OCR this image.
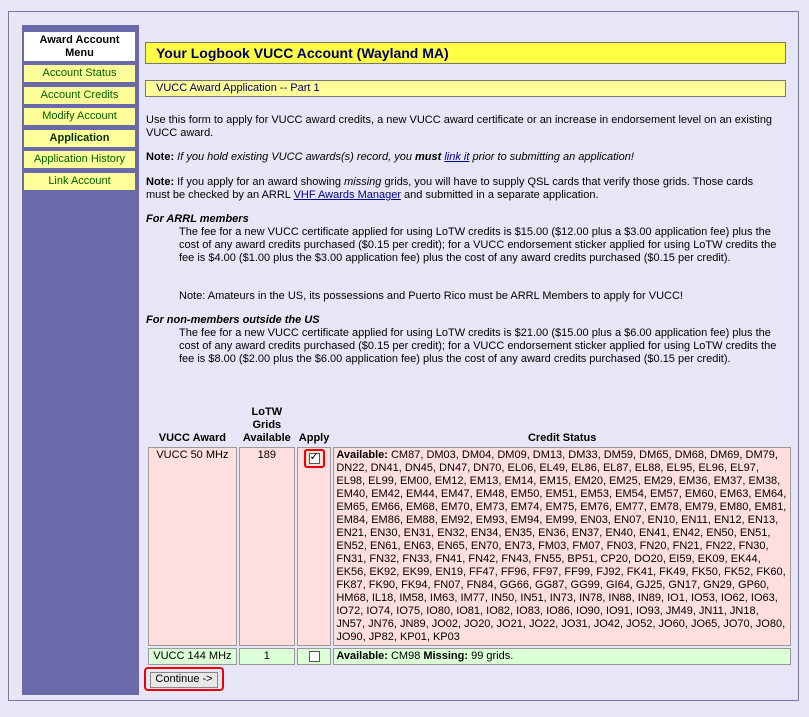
Award Account Menu
Account Status
Account Credits
Modify Account
Application
Application History
Link Account
Your Logbook VUCC Account (Wayland MA)
VUCC Award Application -- Part 1
Use this form to apply for VUCC award credits, a new VUCC award certificate or an increase in endorsement level on an existing VUCC award.
Note: If you hold existing VUCC awards(s) record, you must link it prior to submitting an application!
Note: If you apply for an award showing missing grids, you will have to supply QSL cards that verify those grids. Those cards must be checked by an ARRL VHF Awards Manager and submitted in a separate application.
For ARRL members
The fee for a new VUCC certificate applied for using LoTW credits is $15.00 ($12.00 plus a $3.00 application fee) plus the cost of any award credits purchased ($0.15 per credit); for a VUCC endorsement sticker applied for using LoTW credits the fee is $4.00 ($1.00 plus the $3.00 application fee) plus the cost of any award credits purchased ($0.15 per credit).
Note: Amateurs in the US, its possessions and Puerto Rico must be ARRL Members to apply for VUCC!
For non-members outside the US
The fee for a new VUCC certificate applied for using LoTW credits is $21.00 ($15.00 plus a $6.00 application fee) plus the cost of any award credits purchased ($0.15 per credit); for a VUCC endorsement sticker applied for using LoTW credits the fee is $8.00 ($2.00 plus the $6.00 application fee) plus the cost of any award credits purchased ($0.15 per credit).
VUCC Award	LoTW Grids Available	Apply	Credit Status
VUCC 50 MHz	189	✓	Available: CM87, DM03, DM04, DM09, DM13, DM33, DM59, DM65, DM68, DM69, DM79, DN22, DN41, DN45, DN47, DN70, EL06, EL49, EL86, EL87, EL88, EL95, EL96, EL97, EL98, EL99, EM00, EM12, EM13, EM14, EM15, EM20, EM25, EM29, EM36, EM37, EM38, EM40, EM42, EM44, EM47, EM48, EM50, EM51, EM53, EM54, EM57, EM60, EM63, EM64, EM65, EM66, EM68, EM70, EM73, EM74, EM75, EM76, EM77, EM78, EM79, EM80, EM81, EM84, EM86, EM88, EM92, EM93, EM94, EM99, EN03, EN07, EN10, EN11, EN12, EN13, EN21, EN30, EN31, EN32, EN34, EN35, EN36, EN37, EN40, EN41, EN42, EN50, EN51, EN52, EN61, EN63, EN65, EN70, EN73, FM03, FM07, FN03, FN20, FN21, FN22, FN30, FN31, FN32, FN33, FN41, FN42, FN43, FN55, BP51, CP20, DO20, EI59, EK09, EK44, EK56, EK92, EK99, EN19, FF47, FF96, FF97, FF99, FJ92, FK41, FK49, FK50, FK52, FK60, FK87, FK90, FK94, FN07, FN84, GG66, GG87, GG99, GI64, GJ25, GN17, GN29, GP60, HM68, IL18, IM58, IM63, IM77, IN50, IN51, IN73, IN78, IN88, IN89, IO1, IO53, IO62, IO63, IO72, IO74, IO75, IO80, IO81, IO82, IO83, IO86, IO90, IO91, IO93, JM49, JN11, JN18, JN57, JN76, JN89, JO02, JO20, JO21, JO22, JO31, JO42, JO52, JO60, JO65, JO70, JO80, JO90, JP82, KP01, KP03
VUCC 144 MHz	1		Available: CM98 Missing: 99 grids.
Continue ->
